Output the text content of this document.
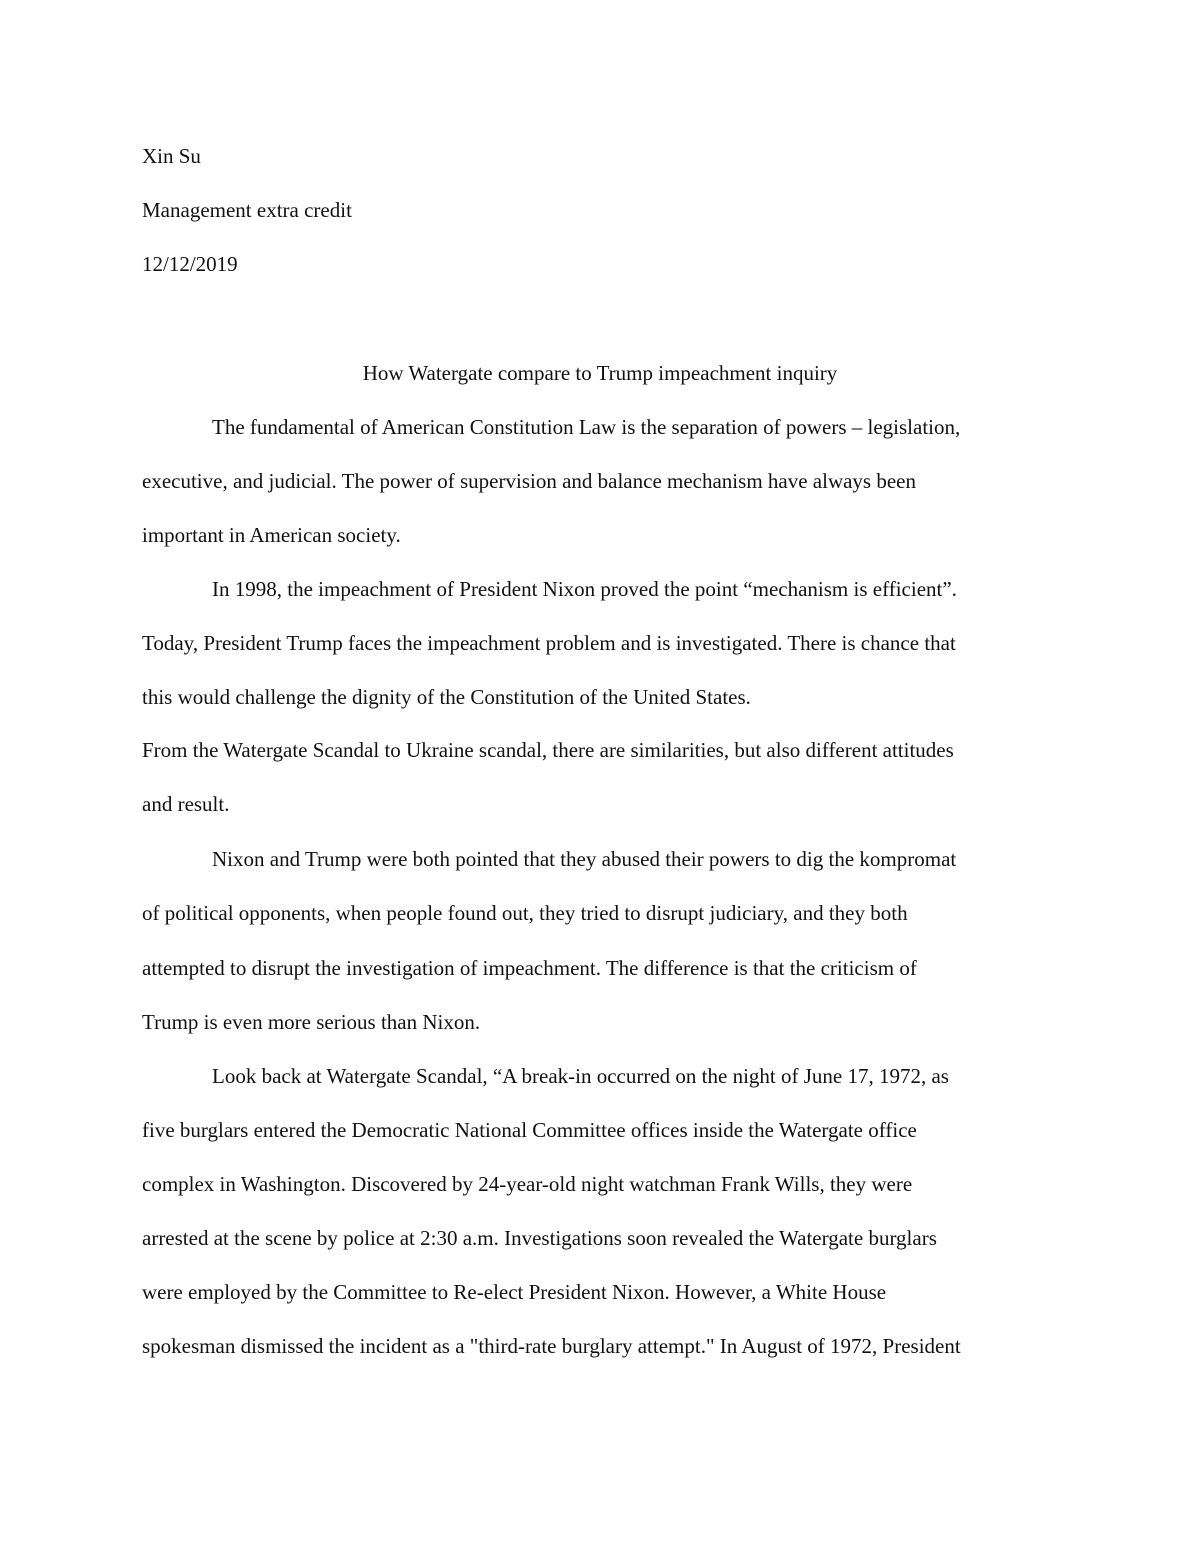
Xin Su
Management extra credit
12/12/2019
How Watergate compare to Trump impeachment inquiry
The fundamental of American Constitution Law is the separation of powers – legislation,
executive, and judicial. The power of supervision and balance mechanism have always been
important in American society.
In 1998, the impeachment of President Nixon proved the point “mechanism is efficient”.
Today, President Trump faces the impeachment problem and is investigated. There is chance that
this would challenge the dignity of the Constitution of the United States.
From the Watergate Scandal to Ukraine scandal, there are similarities, but also different attitudes
and result.
Nixon and Trump were both pointed that they abused their powers to dig the kompromat
of political opponents, when people found out, they tried to disrupt judiciary, and they both
attempted to disrupt the investigation of impeachment. The difference is that the criticism of
Trump is even more serious than Nixon.
Look back at Watergate Scandal, “A break-in occurred on the night of June 17, 1972, as
five burglars entered the Democratic National Committee offices inside the Watergate office
complex in Washington. Discovered by 24-year-old night watchman Frank Wills, they were
arrested at the scene by police at 2:30 a.m. Investigations soon revealed the Watergate burglars
were employed by the Committee to Re-elect President Nixon. However, a White House
spokesman dismissed the incident as a "third-rate burglary attempt." In August of 1972, President
